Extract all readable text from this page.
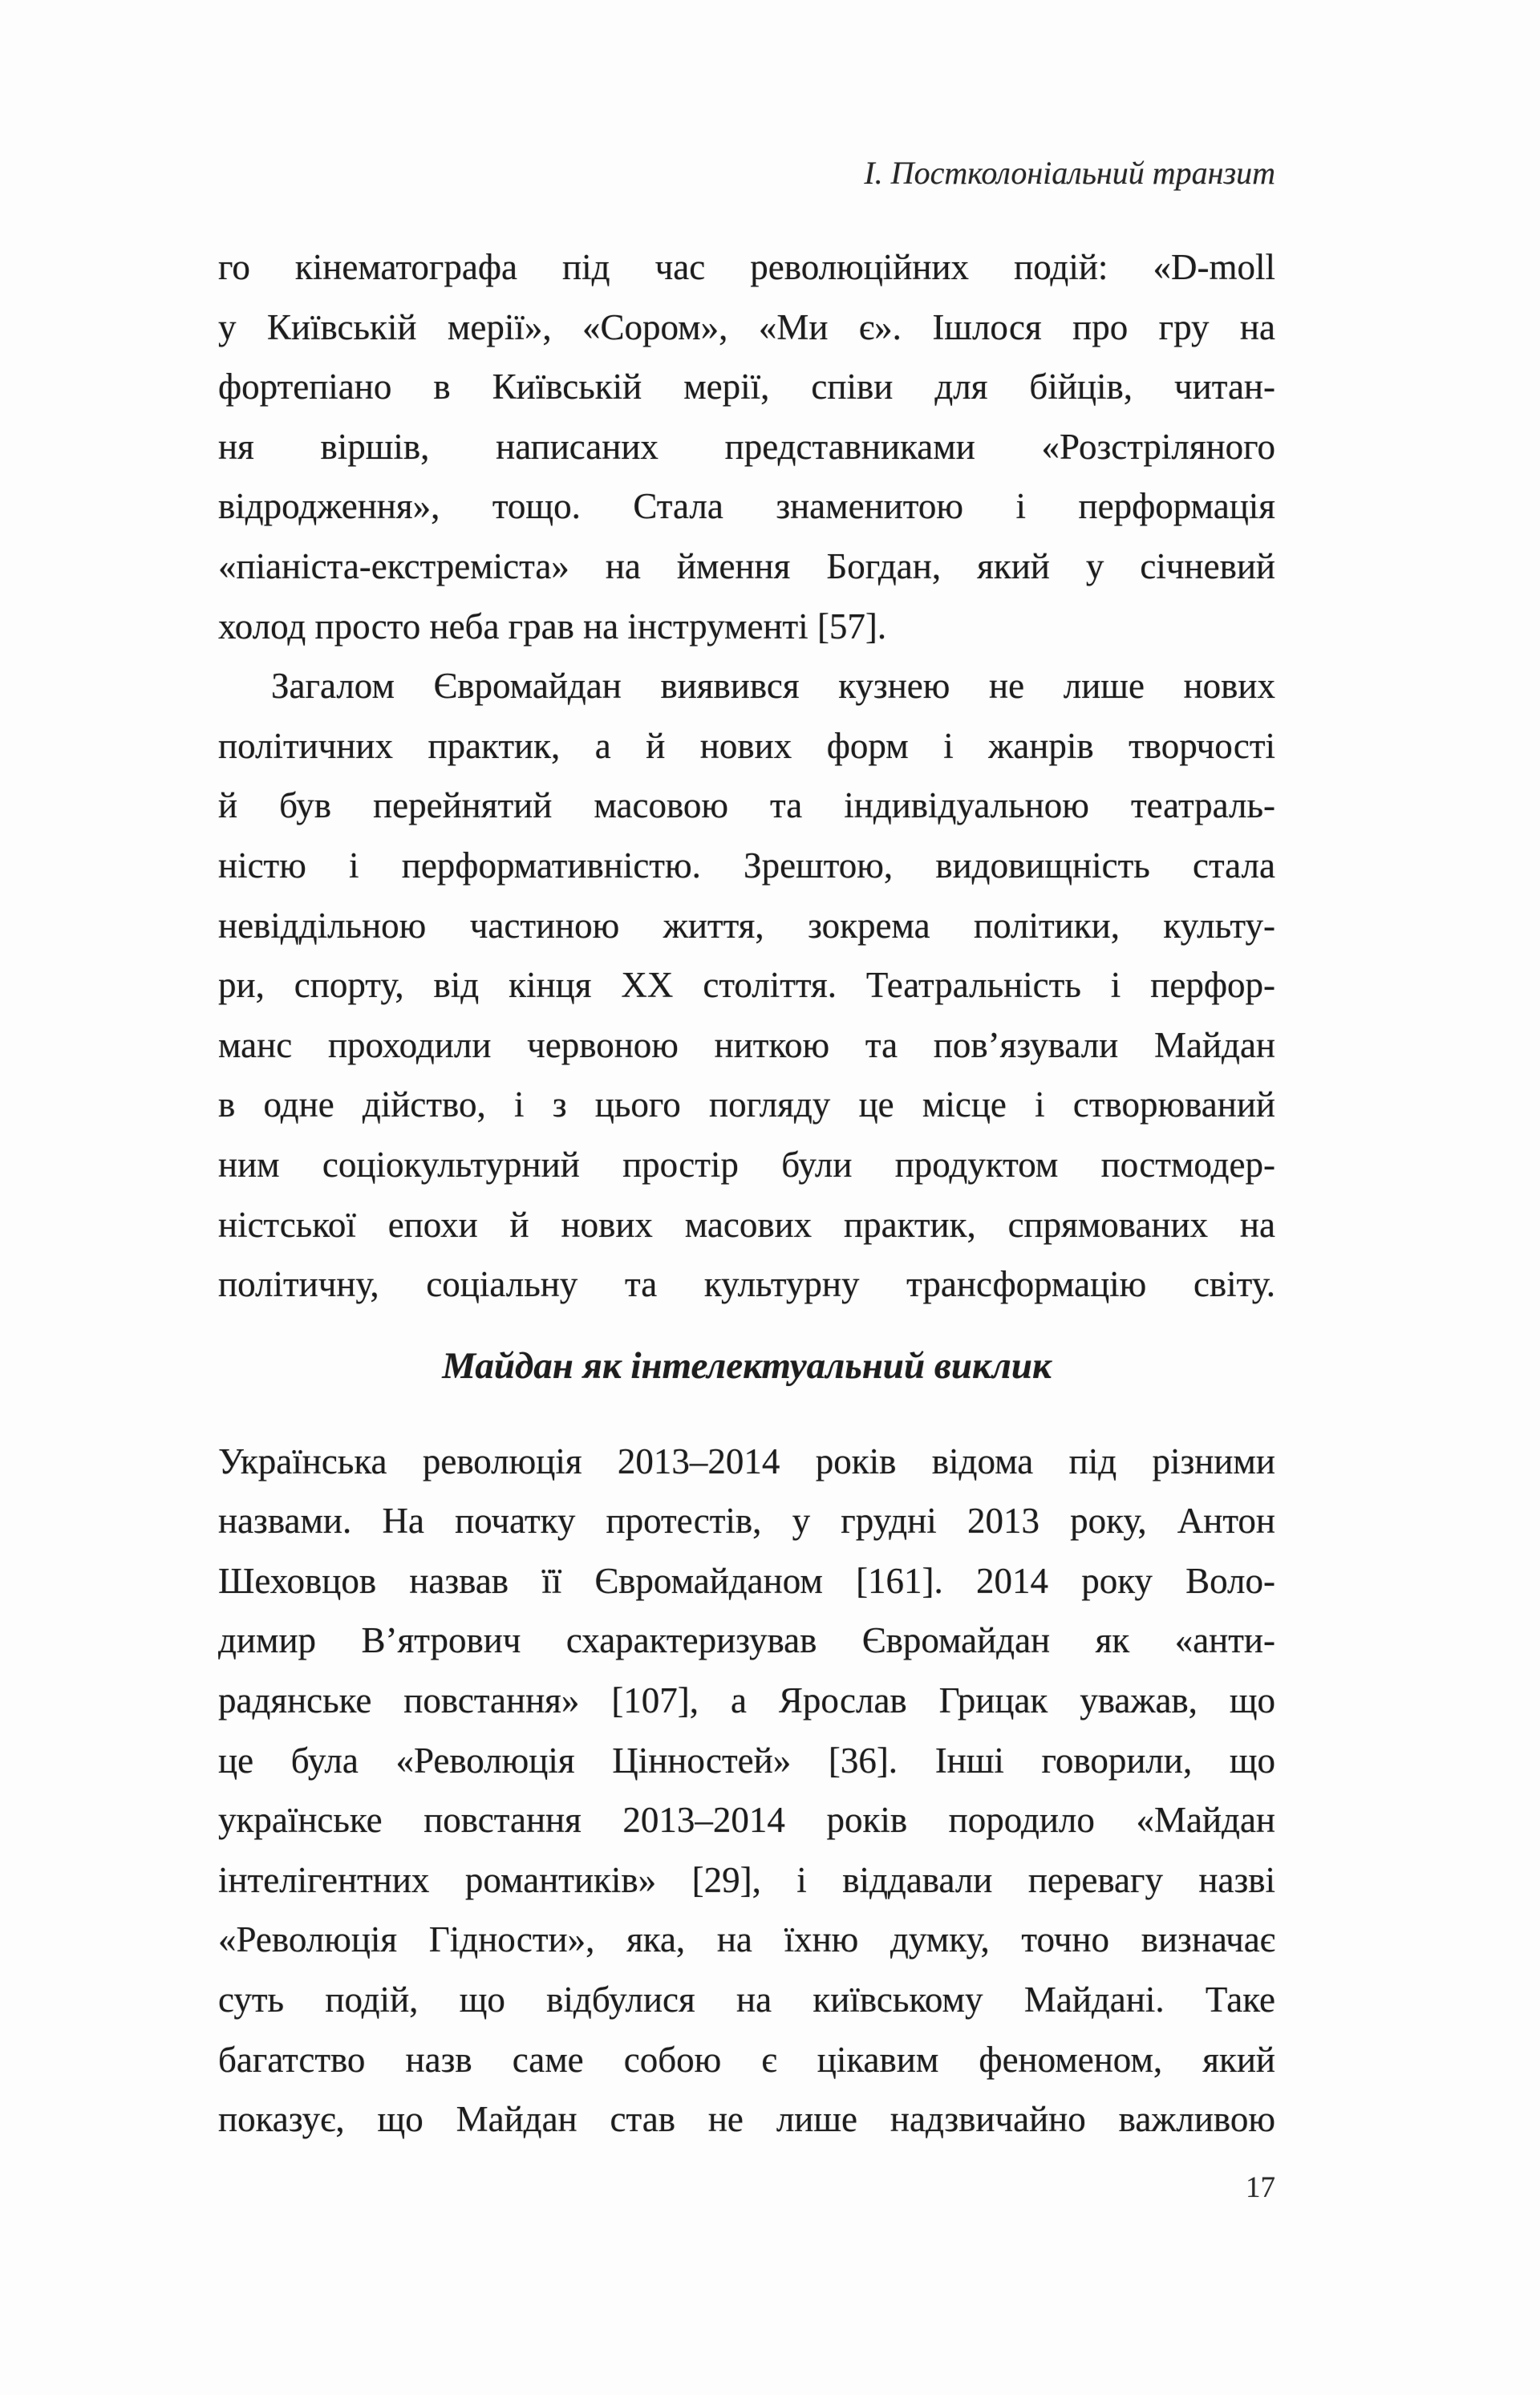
І. Постколоніальний транзит
го кінематографа під час революційних подій: «D-moll
у Київській мерії», «Сором», «Ми є». Ішлося про гру на
фортепіано в Київській мерії, співи для бійців, читан-
ня віршів, написаних представниками «Розстріляного
відродження», тощо. Стала знаменитою і перформація
«піаніста-екстреміста» на ймення Богдан, який у січневий
холод просто неба грав на інструменті [57].
Загалом Євромайдан виявився кузнею не лише нових
політичних практик, а й нових форм і жанрів творчості
й був перейнятий масовою та індивідуальною театраль-
ністю і перформативністю. Зрештою, видовищність стала
невіддільною частиною життя, зокрема політики, культу-
ри, спорту, від кінця XX століття. Театральність і перфор-
манс проходили червоною ниткою та пов’язували Майдан
в одне дійство, і з цього погляду це місце і створюваний
ним соціокультурний простір були продуктом постмодер-
ністської епохи й нових масових практик, спрямованих на
політичну, соціальну та культурну трансформацію світу.
Майдан як інтелектуальний виклик
Українська революція 2013–2014 років відома під різними
назвами. На початку протестів, у грудні 2013 року, Антон
Шеховцов назвав її Євромайданом [161]. 2014 року Воло-
димир В’ятрович схарактеризував Євромайдан як «анти-
радянське повстання» [107], а Ярослав Грицак уважав, що
це була «Революція Цінностей» [36]. Інші говорили, що
українське повстання 2013–2014 років породило «Майдан
інтелігентних романтиків» [29], і віддавали перевагу назві
«Революція Гідности», яка, на їхню думку, точно визначає
суть подій, що відбулися на київському Майдані. Таке
багатство назв саме собою є цікавим феноменом, який
показує, що Майдан став не лише надзвичайно важливою
17
